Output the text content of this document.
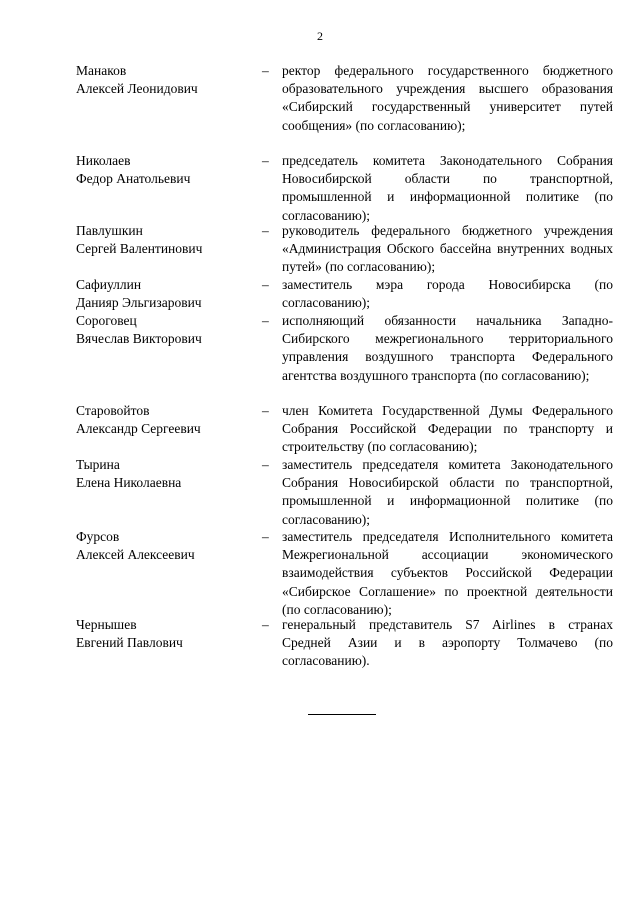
2
Манаков
Алексей Леонидович
– ректор федерального государственного бюджетного образовательного учреждения высшего образования «Сибирский государственный университет путей сообщения» (по согласованию);
Николаев
Федор Анатольевич
– председатель комитета Законодательного Собрания Новосибирской области по транспортной, промышленной и информационной политике (по согласованию);
Павлушкин
Сергей Валентинович
– руководитель федерального бюджетного учреждения «Администрация Обского бассейна внутренних водных путей» (по согласованию);
Сафиуллин
Данияр Эльгизарович
– заместитель мэра города Новосибирска (по согласованию);
Сороговец
Вячеслав Викторович
– исполняющий обязанности начальника Западно-Сибирского межрегионального территориального управления воздушного транспорта Федерального агентства воздушного транспорта (по согласованию);
Старовойтов
Александр Сергеевич
– член Комитета Государственной Думы Федерального Собрания Российской Федерации по транспорту и строительству (по согласованию);
Тырина
Елена Николаевна
– заместитель председателя комитета Законодательного Собрания Новосибирской области по транспортной, промышленной и информационной политике (по согласованию);
Фурсов
Алексей Алексеевич
– заместитель председателя Исполнительного комитета Межрегиональной ассоциации экономического взаимодействия субъектов Российской Федерации «Сибирское Соглашение» по проектной деятельности (по согласованию);
Чернышев
Евгений Павлович
– генеральный представитель S7 Airlines в странах Средней Азии и в аэропорту Толмачево (по согласованию).
